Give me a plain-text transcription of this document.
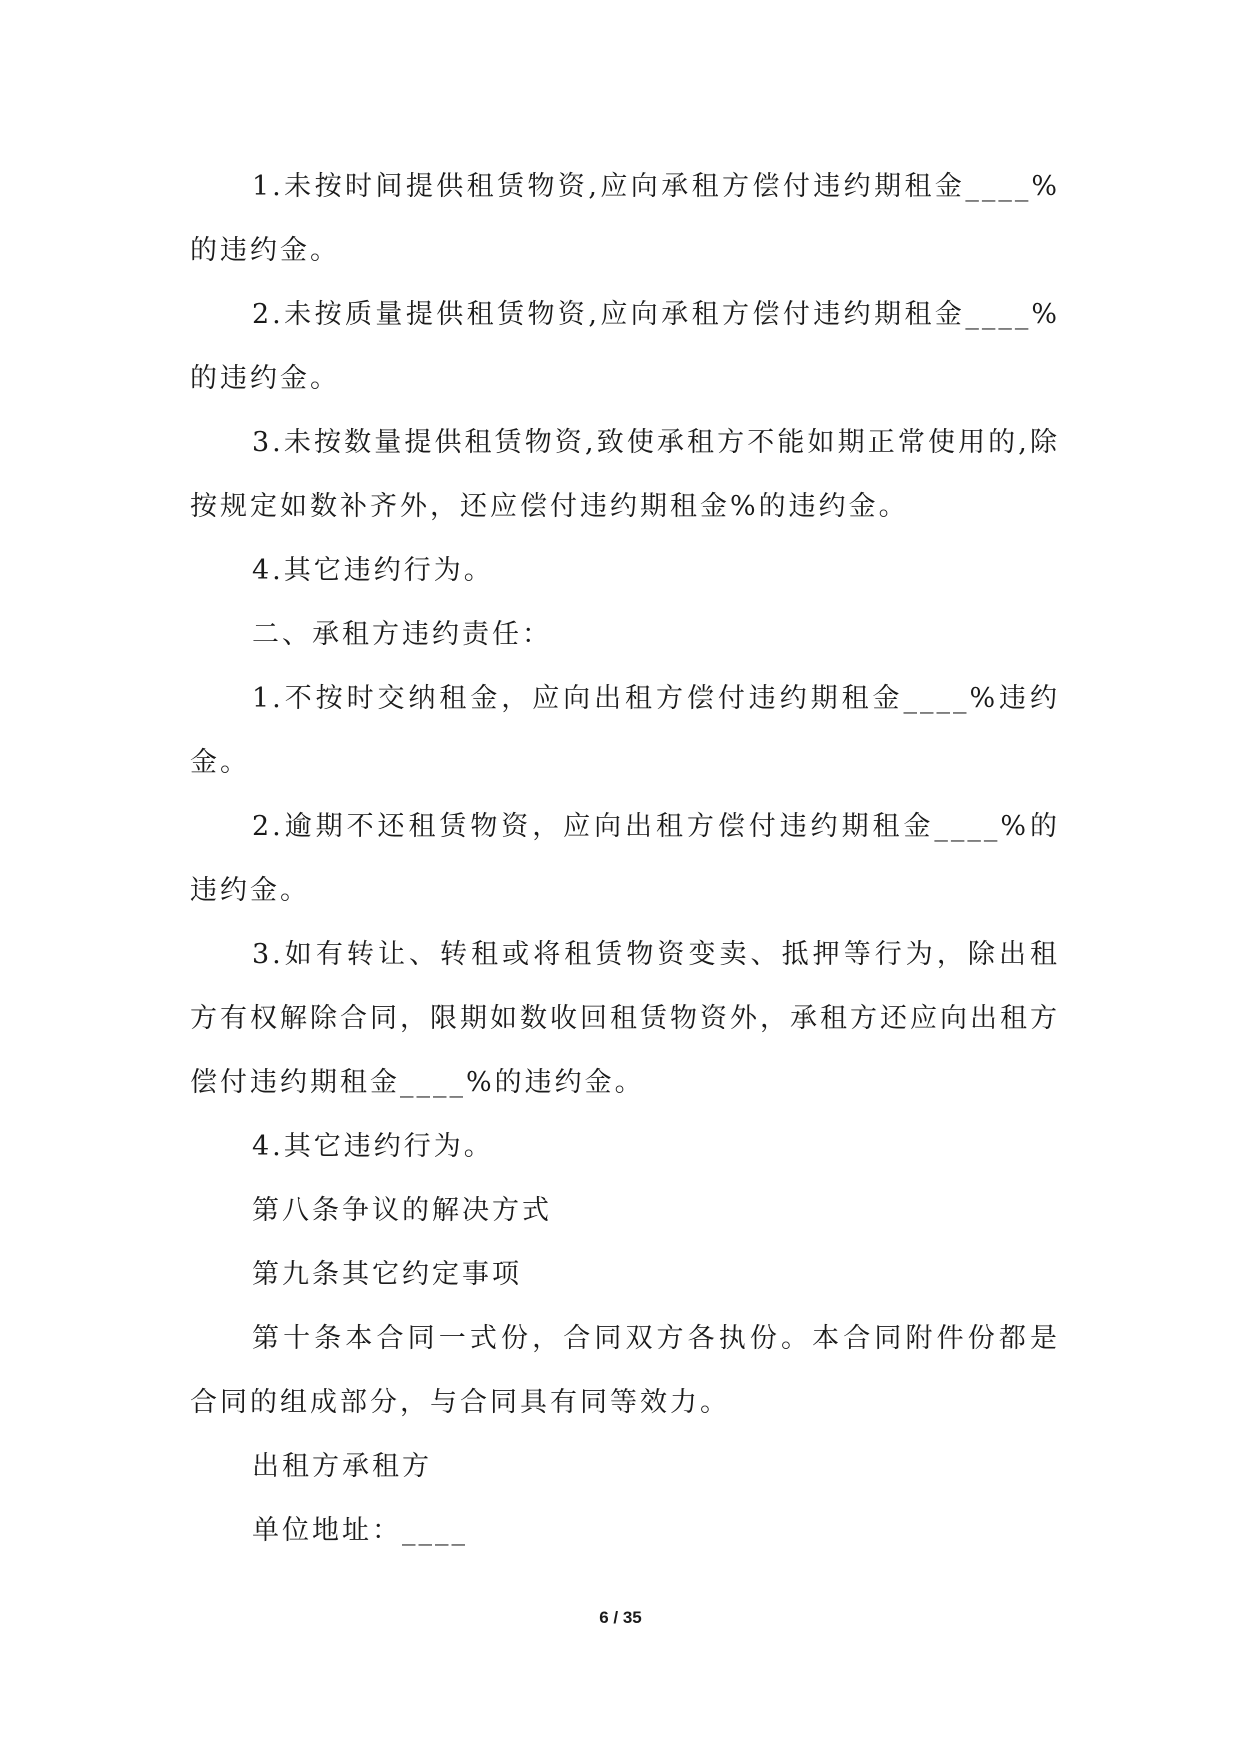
1.未按时间提供租赁物资,应向承租方偿付违约期租金____%的违约金。

2.未按质量提供租赁物资,应向承租方偿付违约期租金____%的违约金。

3.未按数量提供租赁物资,致使承租方不能如期正常使用的,除按规定如数补齐外，还应偿付违约期租金%的违约金。

4.其它违约行为。

二、承租方违约责任：

1.不按时交纳租金，应向出租方偿付违约期租金____%违约金。

2.逾期不还租赁物资，应向出租方偿付违约期租金____%的违约金。

3.如有转让、转租或将租赁物资变卖、抵押等行为，除出租方有权解除合同，限期如数收回租赁物资外，承租方还应向出租方偿付违约期租金____%的违约金。

4.其它违约行为。

第八条争议的解决方式

第九条其它约定事项

第十条本合同一式份，合同双方各执份。本合同附件份都是合同的组成部分，与合同具有同等效力。

出租方承租方

单位地址：____

6 / 35
